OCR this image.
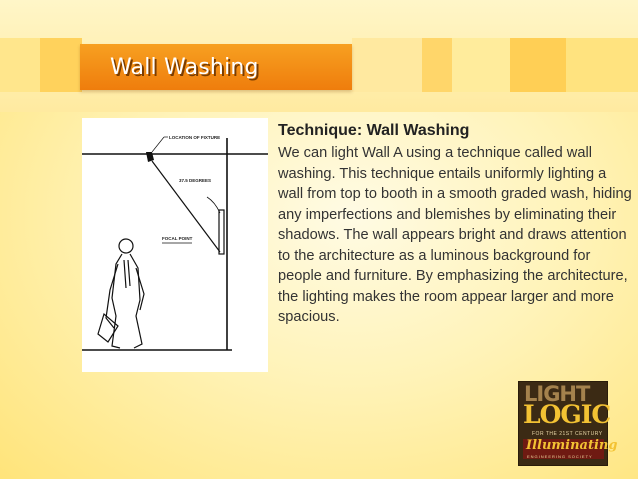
Wall Washing
LOCATION OF FIXTURE
37.5 DEGREES
FOCAL POINT
Technique: Wall Washing
We can light Wall A using a technique called wall washing. This technique entails uniformly lighting a wall from top to booth in a smooth graded wash, hiding any imperfections and blemishes by eliminating their shadows. The wall appears bright and draws attention to the architecture as a luminous background for people and furniture. By emphasizing the architecture, the lighting makes the room appear larger and more spacious.
LIGHT
LOGIC
FOR THE 21ST CENTURY
Illuminating
ENGINEERING SOCIETY
